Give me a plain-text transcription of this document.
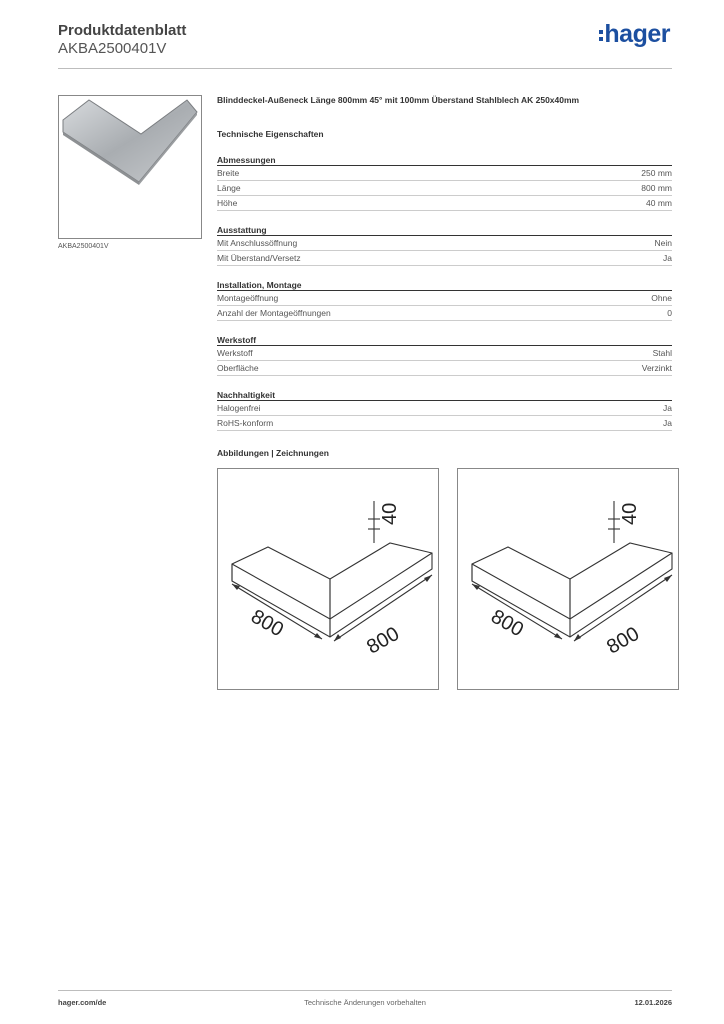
Produktdatenblatt
AKBA2500401V
hager
AKBA2500401V
Blinddeckel-Außeneck Länge 800mm 45° mit 100mm Überstand Stahlblech AK 250x40mm
Technische Eigenschaften
Abmessungen
Breite	250 mm
Länge	800 mm
Höhe	40 mm
Ausstattung
Mit Anschlussöffnung	Nein
Mit Überstand/Versetz	Ja
Installation, Montage
Montageöffnung	Ohne
Anzahl der Montageöffnungen	0
Werkstoff
Werkstoff	Stahl
Oberfläche	Verzinkt
Nachhaltigkeit
Halogenfrei	Ja
RoHS-konform	Ja
Abbildungen | Zeichnungen
40
800	800
40
800	800
Technische Änderungen vorbehalten
hager.com/de	12.01.2026
